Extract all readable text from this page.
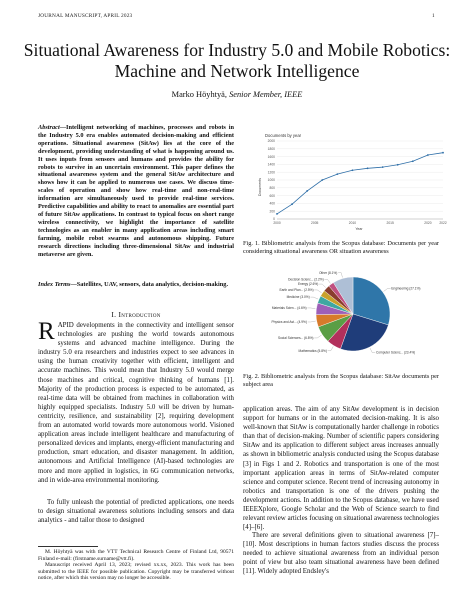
JOURNAL MANUSCRIPT, APRIL 2023	1
Situational Awareness for Industry 5.0 and Mobile Robotics: Machine and Network Intelligence
Marko Höyhtyä, Senior Member, IEEE
Abstract—Intelligent networking of machines, processes and robots in the Industry 5.0 era enables automated decision-making and efficient operations. Situational awareness (SitAw) lies at the core of the development, providing understanding of what is happening around us. It uses inputs from sensors and humans and provides the ability for robots to survive in an uncertain environment. This paper defines the situational awareness system and the general SitAw architecture and shows how it can be applied to numerous use cases. We discuss time-scales of operation and show how real-time and non-real-time information are simultaneously used to provide real-time services. Predictive capabilities and ability to react to anomalies are essential part of future SitAw applications. In contrast to typical focus on short range wireless connectivity, we highlight the importance of satellite technologies as an enabler in many application areas including smart farming, mobile robot swarms and autonomous shipping. Future research directions including three-dimensional SitAw and industrial metaverse are given.
Index Terms—Satellites, UAV, sensors, data analytics, decision-making.
I. Introduction
RAPID developments in the connectivity and intelligent sensor technologies are pushing the world towards autonomous systems and advanced machine intelligence. During the industry 5.0 era researchers and industries expect to see advances in using the human creativity together with efficient, intelligent and accurate machines. This would mean that Industry 5.0 would merge those machines and critical, cognitive thinking of humans [1]. Majority of the production process is expected to be automated, as real-time data will be obtained from machines in collaboration with highly equipped specialists. Industry 5.0 will be driven by human-centricity, resilience, and sustainability [2], requiring development from an automated world towards more autonomous world. Visioned application areas include intelligent healthcare and manufacturing of personalized devices and implants, energy-efficient manufacturing and production, smart education, and disaster management. In addition, autonomous and Artificial Intelligence (AI)-based technologies are more and more applied in logistics, in 6G communication networks, and in wide-area environmental monitoring.
To fully unleash the potential of predicted applications, one needs to design situational awareness solutions including sensors and data analytics - and tailor those to designed
M. Höyhtyä was with the VTT Technical Research Centre of Finland Ltd, 90571 Finland e-mail: (firstname.surname@vtt.fi).
Manuscript received April 13, 2023; revised xx.xx, 2023. This work has been submitted to the IEEE for possible publication. Copyright may be transferred without notice, after which this version may no longer be accessible.
Documents by year
Documents
Year
0
200
400
600
800
1000
1200
1400
1600
1800
2000
2000	2005	2010	2015	2020 2022
Fig. 1. Bibliometric analysis from the Scopus database: Documents per year considering situational awareness OR situation awareness
Engineering (27.1%)
Computer Scienc... (23.4%)
Mathematics (5.8%)
Social Sciences... (6.8%)
Physics and Ast... (4.9%)
Materials Scien... (4.6%)
Medicine (3.0%)
Earth and Plan... (2.5%)
Energy (2.6%)
Decision Scienc... (2.2%)
Other (8.1%)
Fig. 2. Bibliometric analysis from the Scopus database: SitAw documents per subject area
application areas. The aim of any SitAw development is in decision support for humans or in the automated decision-making. It is also well-known that SitAw is computationally harder challenge in robotics than that of decision-making. Number of scientific papers considering SitAw and its application to different subject areas increases annually as shown in bibliometric analysis conducted using the Scopus database [3] in Figs 1 and 2. Robotics and transportation is one of the most important application areas in terms of SitAw-related computer science and computer science. Recent trend of increasing autonomy in robotics and transportation is one of the drivers pushing the development actions. In addition to the Scopus database, we have used IEEEXplore, Google Scholar and the Web of Science search to find relevant review articles focusing on situational awareness technologies [4]–[6].
There are several definitions given to situational awareness [7]–[10]. Most descriptions in human factors studies discuss the process needed to achieve situational awareness from an individual person point of view but also team situational awareness have been defined [11]. Widely adopted Endsley's
